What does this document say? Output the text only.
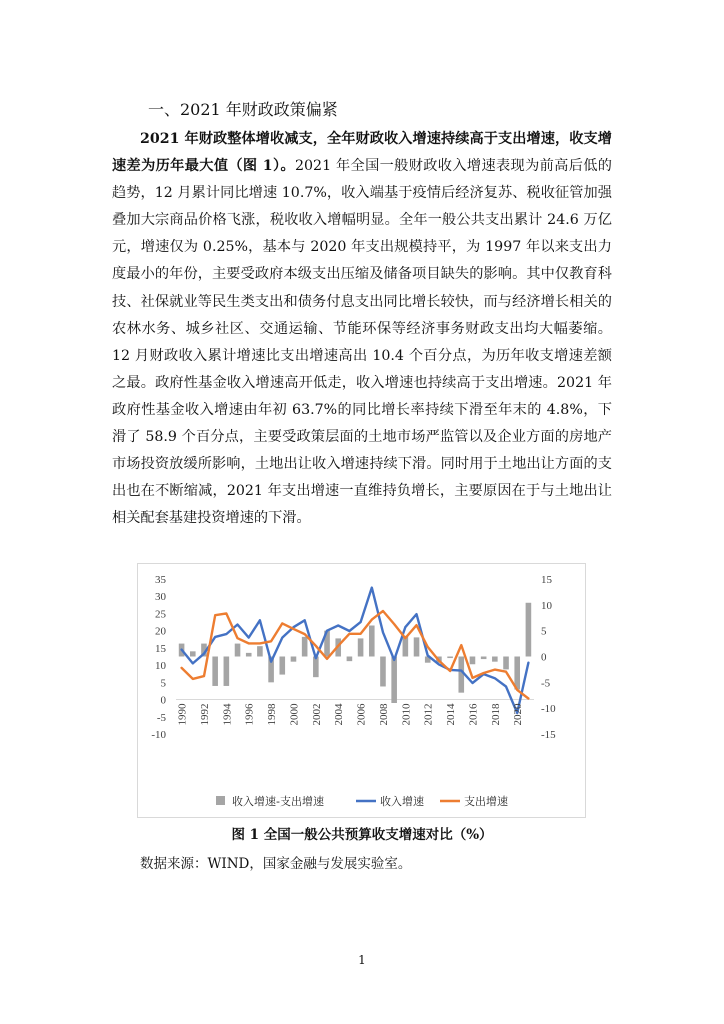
一、2021 年财政政策偏紧

2021 年财政整体增收减支，全年财政收入增速持续高于支出增速，收支增速差为历年最大值（图 1）。2021 年全国一般财政收入增速表现为前高后低的趋势，12 月累计同比增速 10.7%，收入端基于疫情后经济复苏、税收征管加强叠加大宗商品价格飞涨，税收收入增幅明显。全年一般公共支出累计 24.6 万亿元，增速仅为 0.25%，基本与 2020 年支出规模持平，为 1997 年以来支出力度最小的年份，主要受政府本级支出压缩及储备项目缺失的影响。其中仅教育科技、社保就业等民生类支出和债务付息支出同比增长较快，而与经济增长相关的农林水务、城乡社区、交通运输、节能环保等经济事务财政支出均大幅萎缩。12 月财政收入累计增速比支出增速高出 10.4 个百分点，为历年收支增速差额之最。政府性基金收入增速高开低走，收入增速也持续高于支出增速。2021 年政府性基金收入增速由年初 63.7%的同比增长率持续下滑至年末的 4.8%，下滑了 58.9 个百分点，主要受政策层面的土地市场严监管以及企业方面的房地产市场投资放缓所影响，土地出让收入增速持续下滑。同时用于土地出让方面的支出也在不断缩减，2021 年支出增速一直维持负增长，主要原因在于与土地出让相关配套基建投资增速的下滑。

35
30
25
20
15
10
5
0
-5
-10
15
10
5
0
-5
-10
-15
1990 1992 1994 1996 1998 2000 2002 2004 2006 2008 2010 2012 2014 2016 2018 2020
收入增速-支出增速	收入增速	支出增速
图 1 全国一般公共预算收支增速对比（%）
数据来源：WIND，国家金融与发展实验室。
1
